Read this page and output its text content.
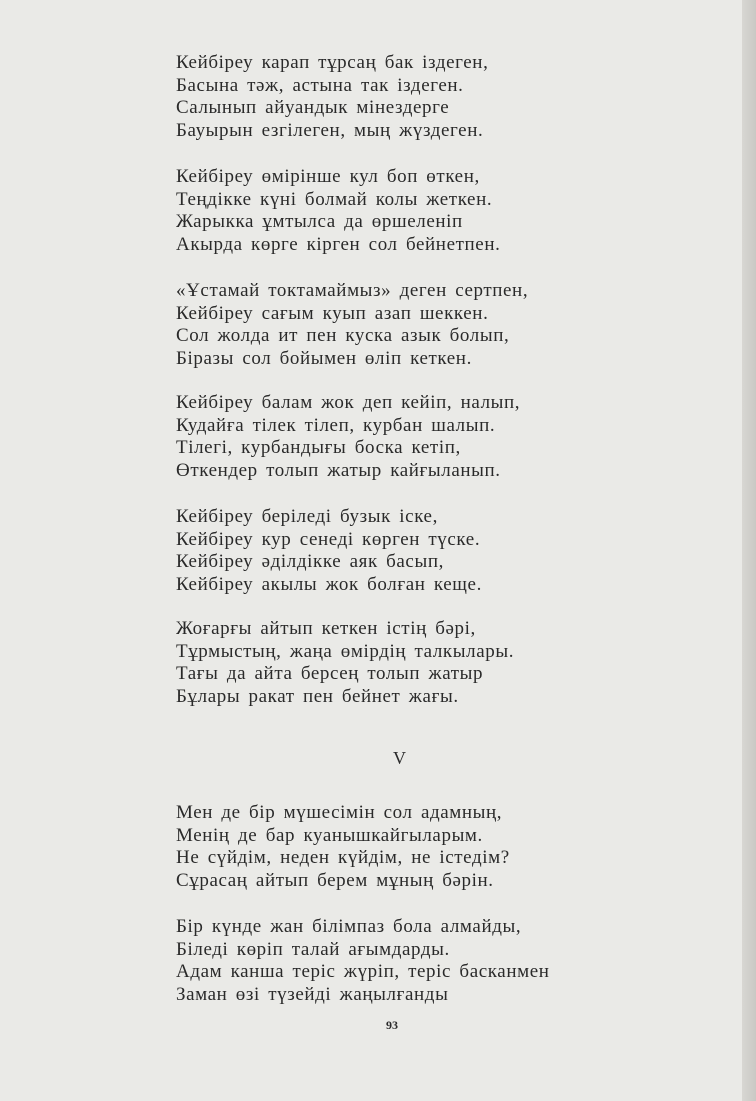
Кейбіреу карап тұрсаң бак іздеген,
Басына тәж, астына так іздеген.
Салынып айуандык мінездерге
Бауырын езгілеген, мың жүздеген.
Кейбіреу өмірінше кул боп өткен,
Теңдікке күні болмай колы жеткен.
Жарыкка ұмтылса да өршеленіп
Акырда көрге кірген сол бейнетпен.
«Ұстамай токтамаймыз» деген сертпен,
Кейбіреу сағым куып азап шеккен.
Сол жолда ит пен куска азык болып,
Біразы сол бойымен өліп кеткен.
Кейбіреу балам жок деп кейіп, налып,
Кудайға тілек тілеп, курбан шалып.
Тілегі, курбандығы боска кетіп,
Өткендер толып жатыр кайғыланып.
Кейбіреу беріледі бузык іске,
Кейбіреу кур сенеді көрген түске.
Кейбіреу әділдікке аяк басып,
Кейбіреу акылы жок болған кеще.
Жоғарғы айтып кеткен істің бәрі,
Тұрмыстың, жаңа өмірдің талкылары.
Тағы да айта берсең толып жатыр
Бұлары ракат пен бейнет жағы.
V
Мен де бір мүшесімін сол адамның,
Менің де бар куанышкайгыларым.
Не сүйдім, неден күйдім, не істедім?
Сұрасаң айтып берем мұның бәрін.
Бір күнде жан білімпаз бола алмайды,
Біледі көріп талай ағымдарды.
Адам канша теріс жүріп, теріс басканмен
Заман өзі түзейді жаңылғанды
93
